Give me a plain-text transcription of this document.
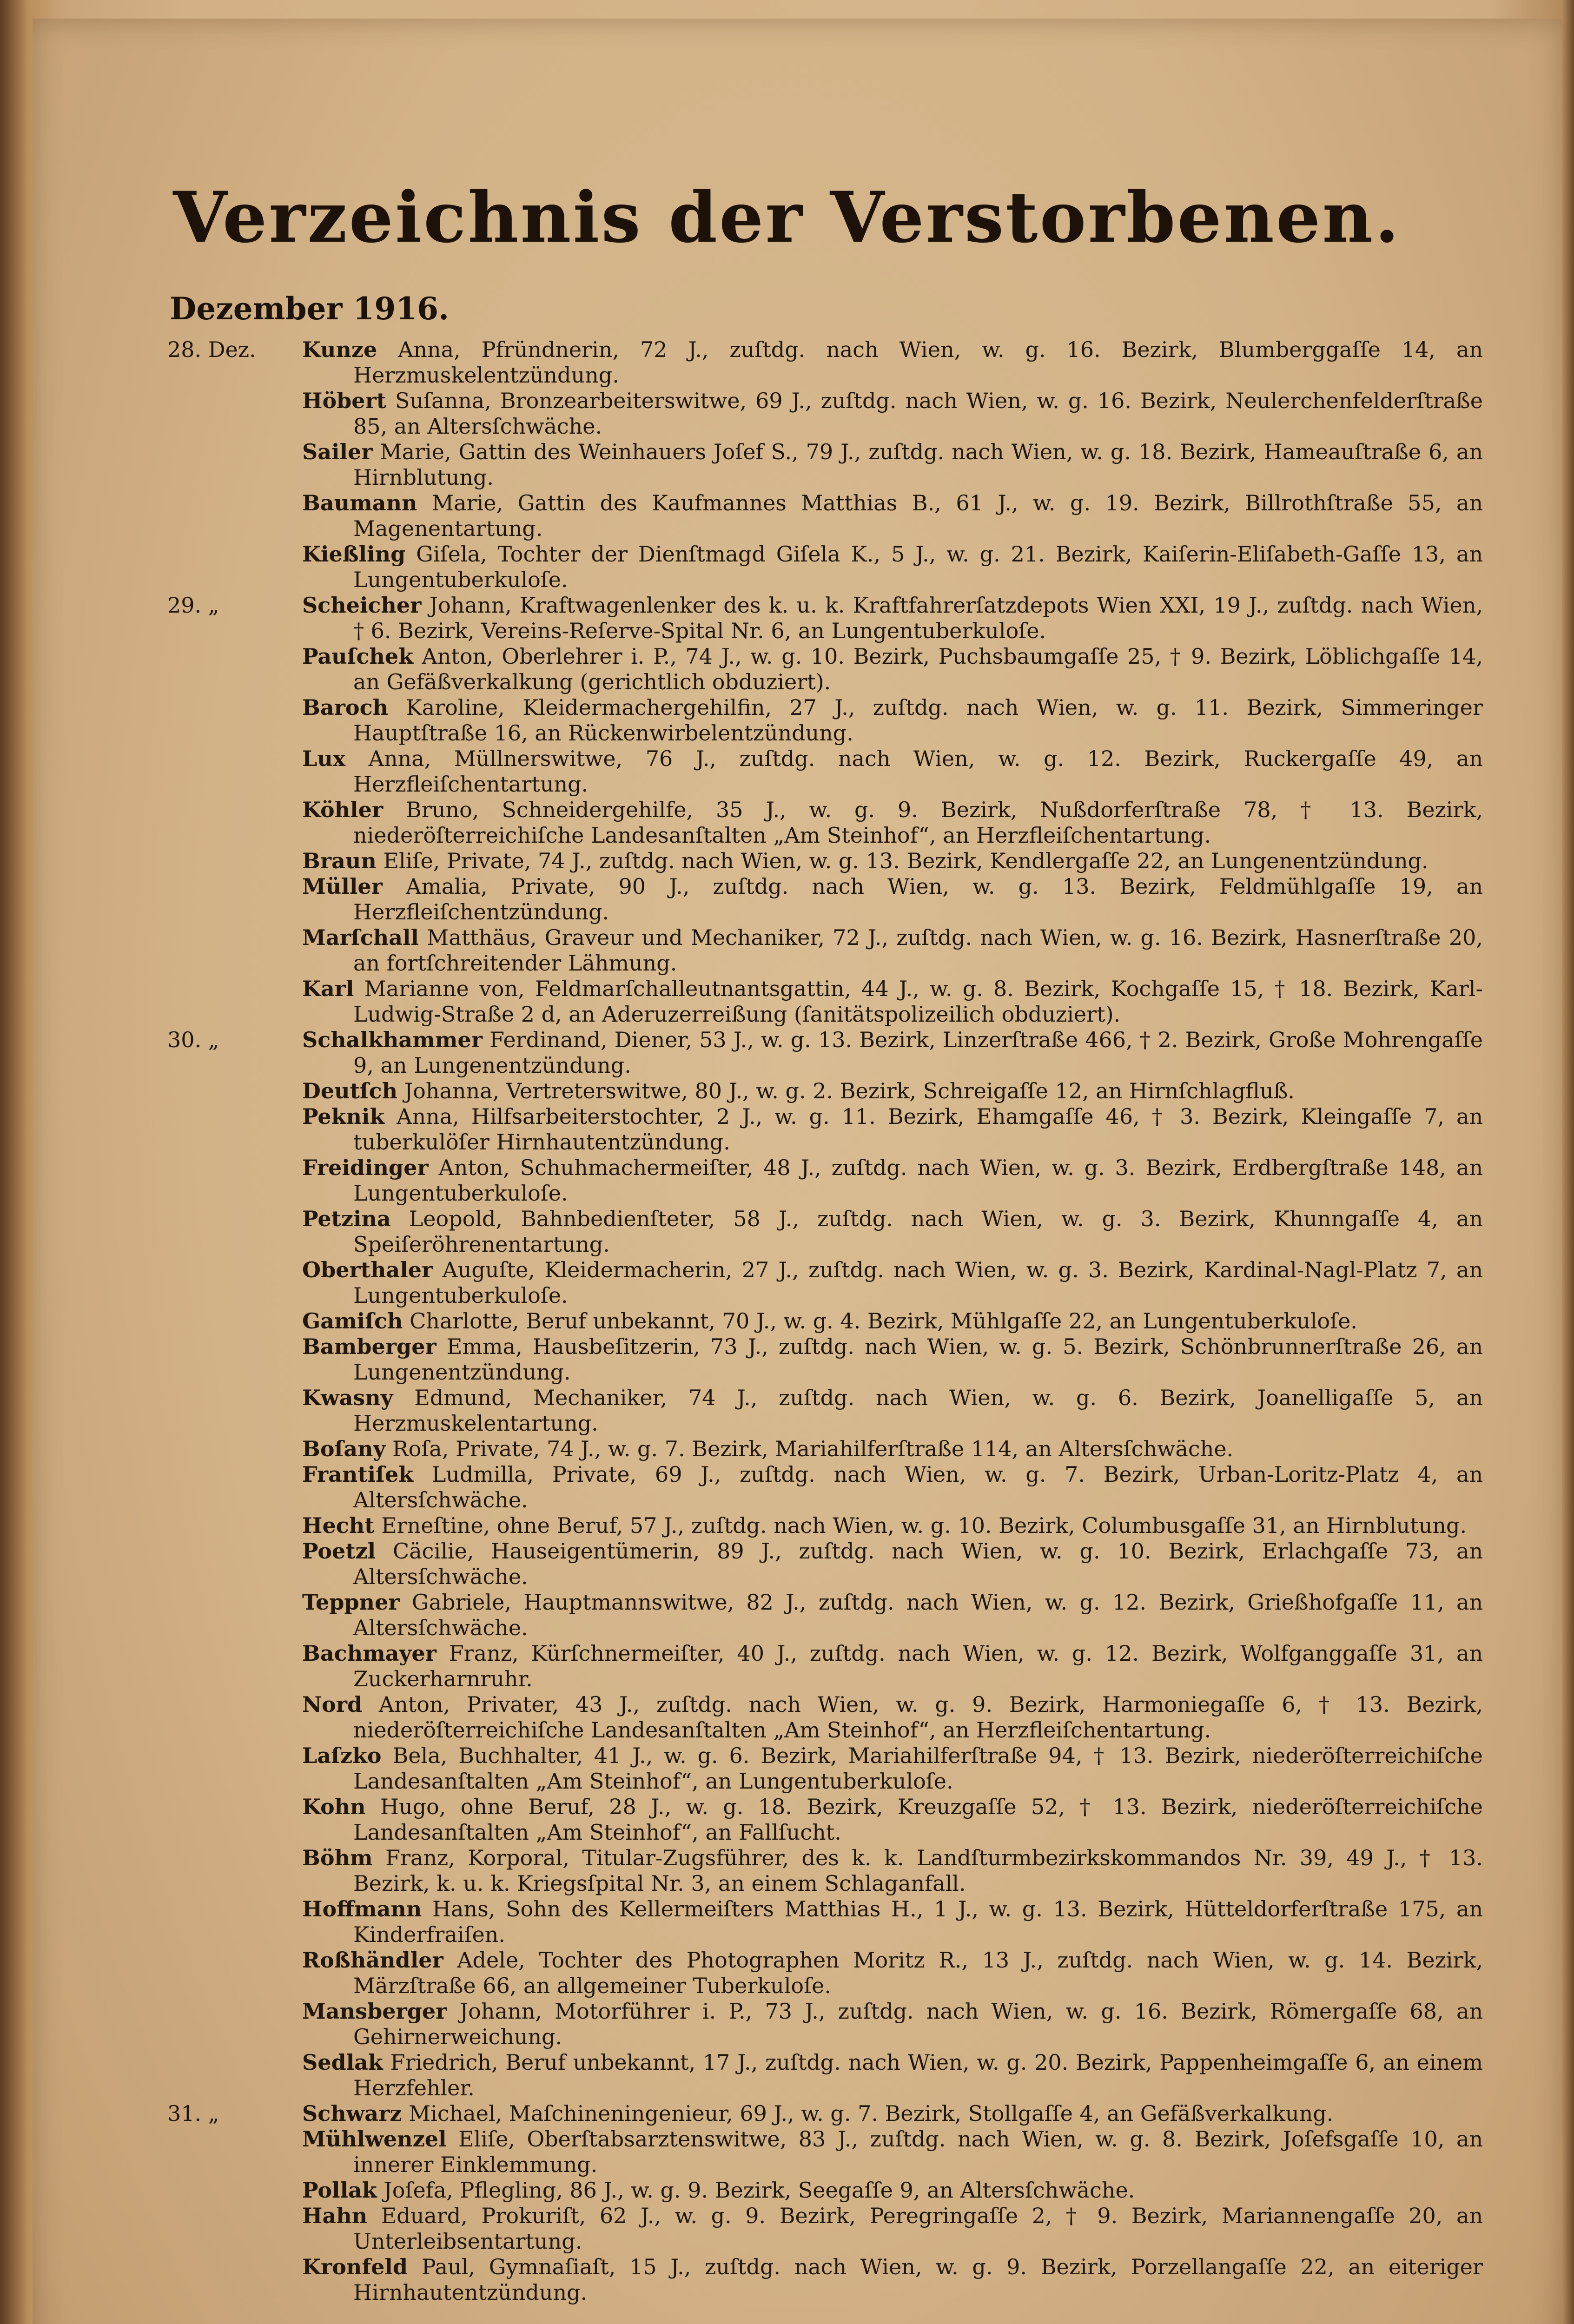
Verzeichnis der Verstorbenen.
Dezember 1916.
28. Dez. Kunze Anna, Pfründnerin, 72 J., zuſtdg. nach Wien, w. g. 16. Bezirk, Blumberggaſſe 14, an Herzmuskelentzündung.
Höbert Suſanna, Bronzearbeiterswitwe, 69 J., zuſtdg. nach Wien, w. g. 16. Bezirk, Neulerchenfelderſtraße 85, an Altersſchwäche.
Sailer Marie, Gattin des Weinhauers Joſef S., 79 J., zuſtdg. nach Wien, w. g. 18. Bezirk, Hameauſtraße 6, an Hirnblutung.
Baumann Marie, Gattin des Kaufmannes Matthias B., 61 J., w. g. 19. Bezirk, Billrothſtraße 55, an Magenentartung.
Kießling Giſela, Tochter der Dienſtmagd Giſela K., 5 J., w. g. 21. Bezirk, Kaiſerin-Eliſabeth-Gaſſe 13, an Lungentuberkuloſe.
29. „	Scheicher Johann, Kraftwagenlenker des k. u. k. Kraftfahrerſatzdepots Wien XXI, 19 J., zuſtdg. nach Wien, † 6. Bezirk, Vereins-Reſerve-Spital Nr. 6, an Lungentuberkuloſe.
Pauſchek Anton, Oberlehrer i. P., 74 J., w. g. 10. Bezirk, Puchsbaumgaſſe 25, † 9. Bezirk, Löblichgaſſe 14, an Gefäßverkalkung (gerichtlich obduziert).
Baroch Karoline, Kleidermachergehilfin, 27 J., zuſtdg. nach Wien, w. g. 11. Bezirk, Simmeringer Hauptſtraße 16, an Rückenwirbelentzündung.
Lux Anna, Müllnerswitwe, 76 J., zuſtdg. nach Wien, w. g. 12. Bezirk, Ruckergaſſe 49, an Herzfleiſchentartung.
Köhler Bruno, Schneidergehilfe, 35 J., w. g. 9. Bezirk, Nußdorferſtraße 78, † 13. Bezirk, niederöſterreichiſche Landesanſtalten „Am Steinhof“, an Herzfleiſchentartung.
Braun Eliſe, Private, 74 J., zuſtdg. nach Wien, w. g. 13. Bezirk, Kendlergaſſe 22, an Lungenentzündung.
Müller Amalia, Private, 90 J., zuſtdg. nach Wien, w. g. 13. Bezirk, Feldmühlgaſſe 19, an Herzfleiſchentzündung.
Marſchall Matthäus, Graveur und Mechaniker, 72 J., zuſtdg. nach Wien, w. g. 16. Bezirk, Hasnerſtraße 20, an fortſchreitender Lähmung.
Karl Marianne von, Feldmarſchalleutnantsgattin, 44 J., w. g. 8. Bezirk, Kochgaſſe 15, † 18. Bezirk, Karl-Ludwig-Straße 2 d, an Aderuzerreißung (ſanitätspolizeilich obduziert).
30. „	Schalkhammer Ferdinand, Diener, 53 J., w. g. 13. Bezirk, Linzerſtraße 466, † 2. Bezirk, Große Mohrengaſſe 9, an Lungenentzündung.
Deutſch Johanna, Vertreterswitwe, 80 J., w. g. 2. Bezirk, Schreigaſſe 12, an Hirnſchlagfluß.
Peknik Anna, Hilfsarbeiterstochter, 2 J., w. g. 11. Bezirk, Ehamgaſſe 46, † 3. Bezirk, Kleingaſſe 7, an tuberkulöſer Hirnhautentzündung.
Freidinger Anton, Schuhmachermeiſter, 48 J., zuſtdg. nach Wien, w. g. 3. Bezirk, Erdbergſtraße 148, an Lungentuberkuloſe.
Petzina Leopold, Bahnbedienſteter, 58 J., zuſtdg. nach Wien, w. g. 3. Bezirk, Khunngaſſe 4, an Speiſeröhrenentartung.
Oberthaler Auguſte, Kleidermacherin, 27 J., zuſtdg. nach Wien, w. g. 3. Bezirk, Kardinal-Nagl-Platz 7, an Lungentuberkuloſe.
Gamiſch Charlotte, Beruf unbekannt, 70 J., w. g. 4. Bezirk, Mühlgaſſe 22, an Lungentuberkuloſe.
Bamberger Emma, Hausbeſitzerin, 73 J., zuſtdg. nach Wien, w. g. 5. Bezirk, Schönbrunnerſtraße 26, an Lungenentzündung.
Kwasny Edmund, Mechaniker, 74 J., zuſtdg. nach Wien, w. g. 6. Bezirk, Joanelligaſſe 5, an Herzmuskelentartung.
Boſany Roſa, Private, 74 J., w. g. 7. Bezirk, Mariahilferſtraße 114, an Altersſchwäche.
Frantiſek Ludmilla, Private, 69 J., zuſtdg. nach Wien, w. g. 7. Bezirk, Urban-Loritz-Platz 4, an Altersſchwäche.
Hecht Erneſtine, ohne Beruf, 57 J., zuſtdg. nach Wien, w. g. 10. Bezirk, Columbusgaſſe 31, an Hirnblutung.
Poetzl Cäcilie, Hauseigentümerin, 89 J., zuſtdg. nach Wien, w. g. 10. Bezirk, Erlachgaſſe 73, an Altersſchwäche.
Teppner Gabriele, Hauptmannswitwe, 82 J., zuſtdg. nach Wien, w. g. 12. Bezirk, Grießhofgaſſe 11, an Altersſchwäche.
Bachmayer Franz, Kürſchnermeiſter, 40 J., zuſtdg. nach Wien, w. g. 12. Bezirk, Wolfganggaſſe 31, an Zuckerharnruhr.
Nord Anton, Privater, 43 J., zuſtdg. nach Wien, w. g. 9. Bezirk, Harmoniegaſſe 6, † 13. Bezirk, niederöſterreichiſche Landesanſtalten „Am Steinhof“, an Herzfleiſchentartung.
Laſzko Bela, Buchhalter, 41 J., w. g. 6. Bezirk, Mariahilferſtraße 94, † 13. Bezirk, niederöſterreichiſche Landesanſtalten „Am Steinhof“, an Lungentuberkuloſe.
Kohn Hugo, ohne Beruf, 28 J., w. g. 18. Bezirk, Kreuzgaſſe 52, † 13. Bezirk, niederöſterreichiſche Landesanſtalten „Am Steinhof“, an Fallſucht.
Böhm Franz, Korporal, Titular-Zugsführer, des k. k. Landſturmbezirkskommandos Nr. 39, 49 J., † 13. Bezirk, k. u. k. Kriegsſpital Nr. 3, an einem Schlaganfall.
Hoffmann Hans, Sohn des Kellermeiſters Matthias H., 1 J., w. g. 13. Bezirk, Hütteldorferſtraße 175, an Kinderfraiſen.
Roßhändler Adele, Tochter des Photographen Moritz R., 13 J., zuſtdg. nach Wien, w. g. 14. Bezirk, Märzſtraße 66, an allgemeiner Tuberkuloſe.
Mansberger Johann, Motorführer i. P., 73 J., zuſtdg. nach Wien, w. g. 16. Bezirk, Römergaſſe 68, an Gehirnerweichung.
Sedlak Friedrich, Beruf unbekannt, 17 J., zuſtdg. nach Wien, w. g. 20. Bezirk, Pappenheimgaſſe 6, an einem Herzfehler.
31. „	Schwarz Michael, Maſchineningenieur, 69 J., w. g. 7. Bezirk, Stollgaſſe 4, an Gefäßverkalkung.
Mühlwenzel Eliſe, Oberſtabsarztenswitwe, 83 J., zuſtdg. nach Wien, w. g. 8. Bezirk, Joſefsgaſſe 10, an innerer Einklemmung.
Pollak Joſefa, Pflegling, 86 J., w. g. 9. Bezirk, Seegaſſe 9, an Altersſchwäche.
Hahn Eduard, Prokuriſt, 62 J., w. g. 9. Bezirk, Peregringaſſe 2, † 9. Bezirk, Mariannengaſſe 20, an Unterleibsentartung.
Kronfeld Paul, Gymnaſiaſt, 15 J., zuſtdg. nach Wien, w. g. 9. Bezirk, Porzellangaſſe 22, an eiteriger Hirnhautentzündung.
